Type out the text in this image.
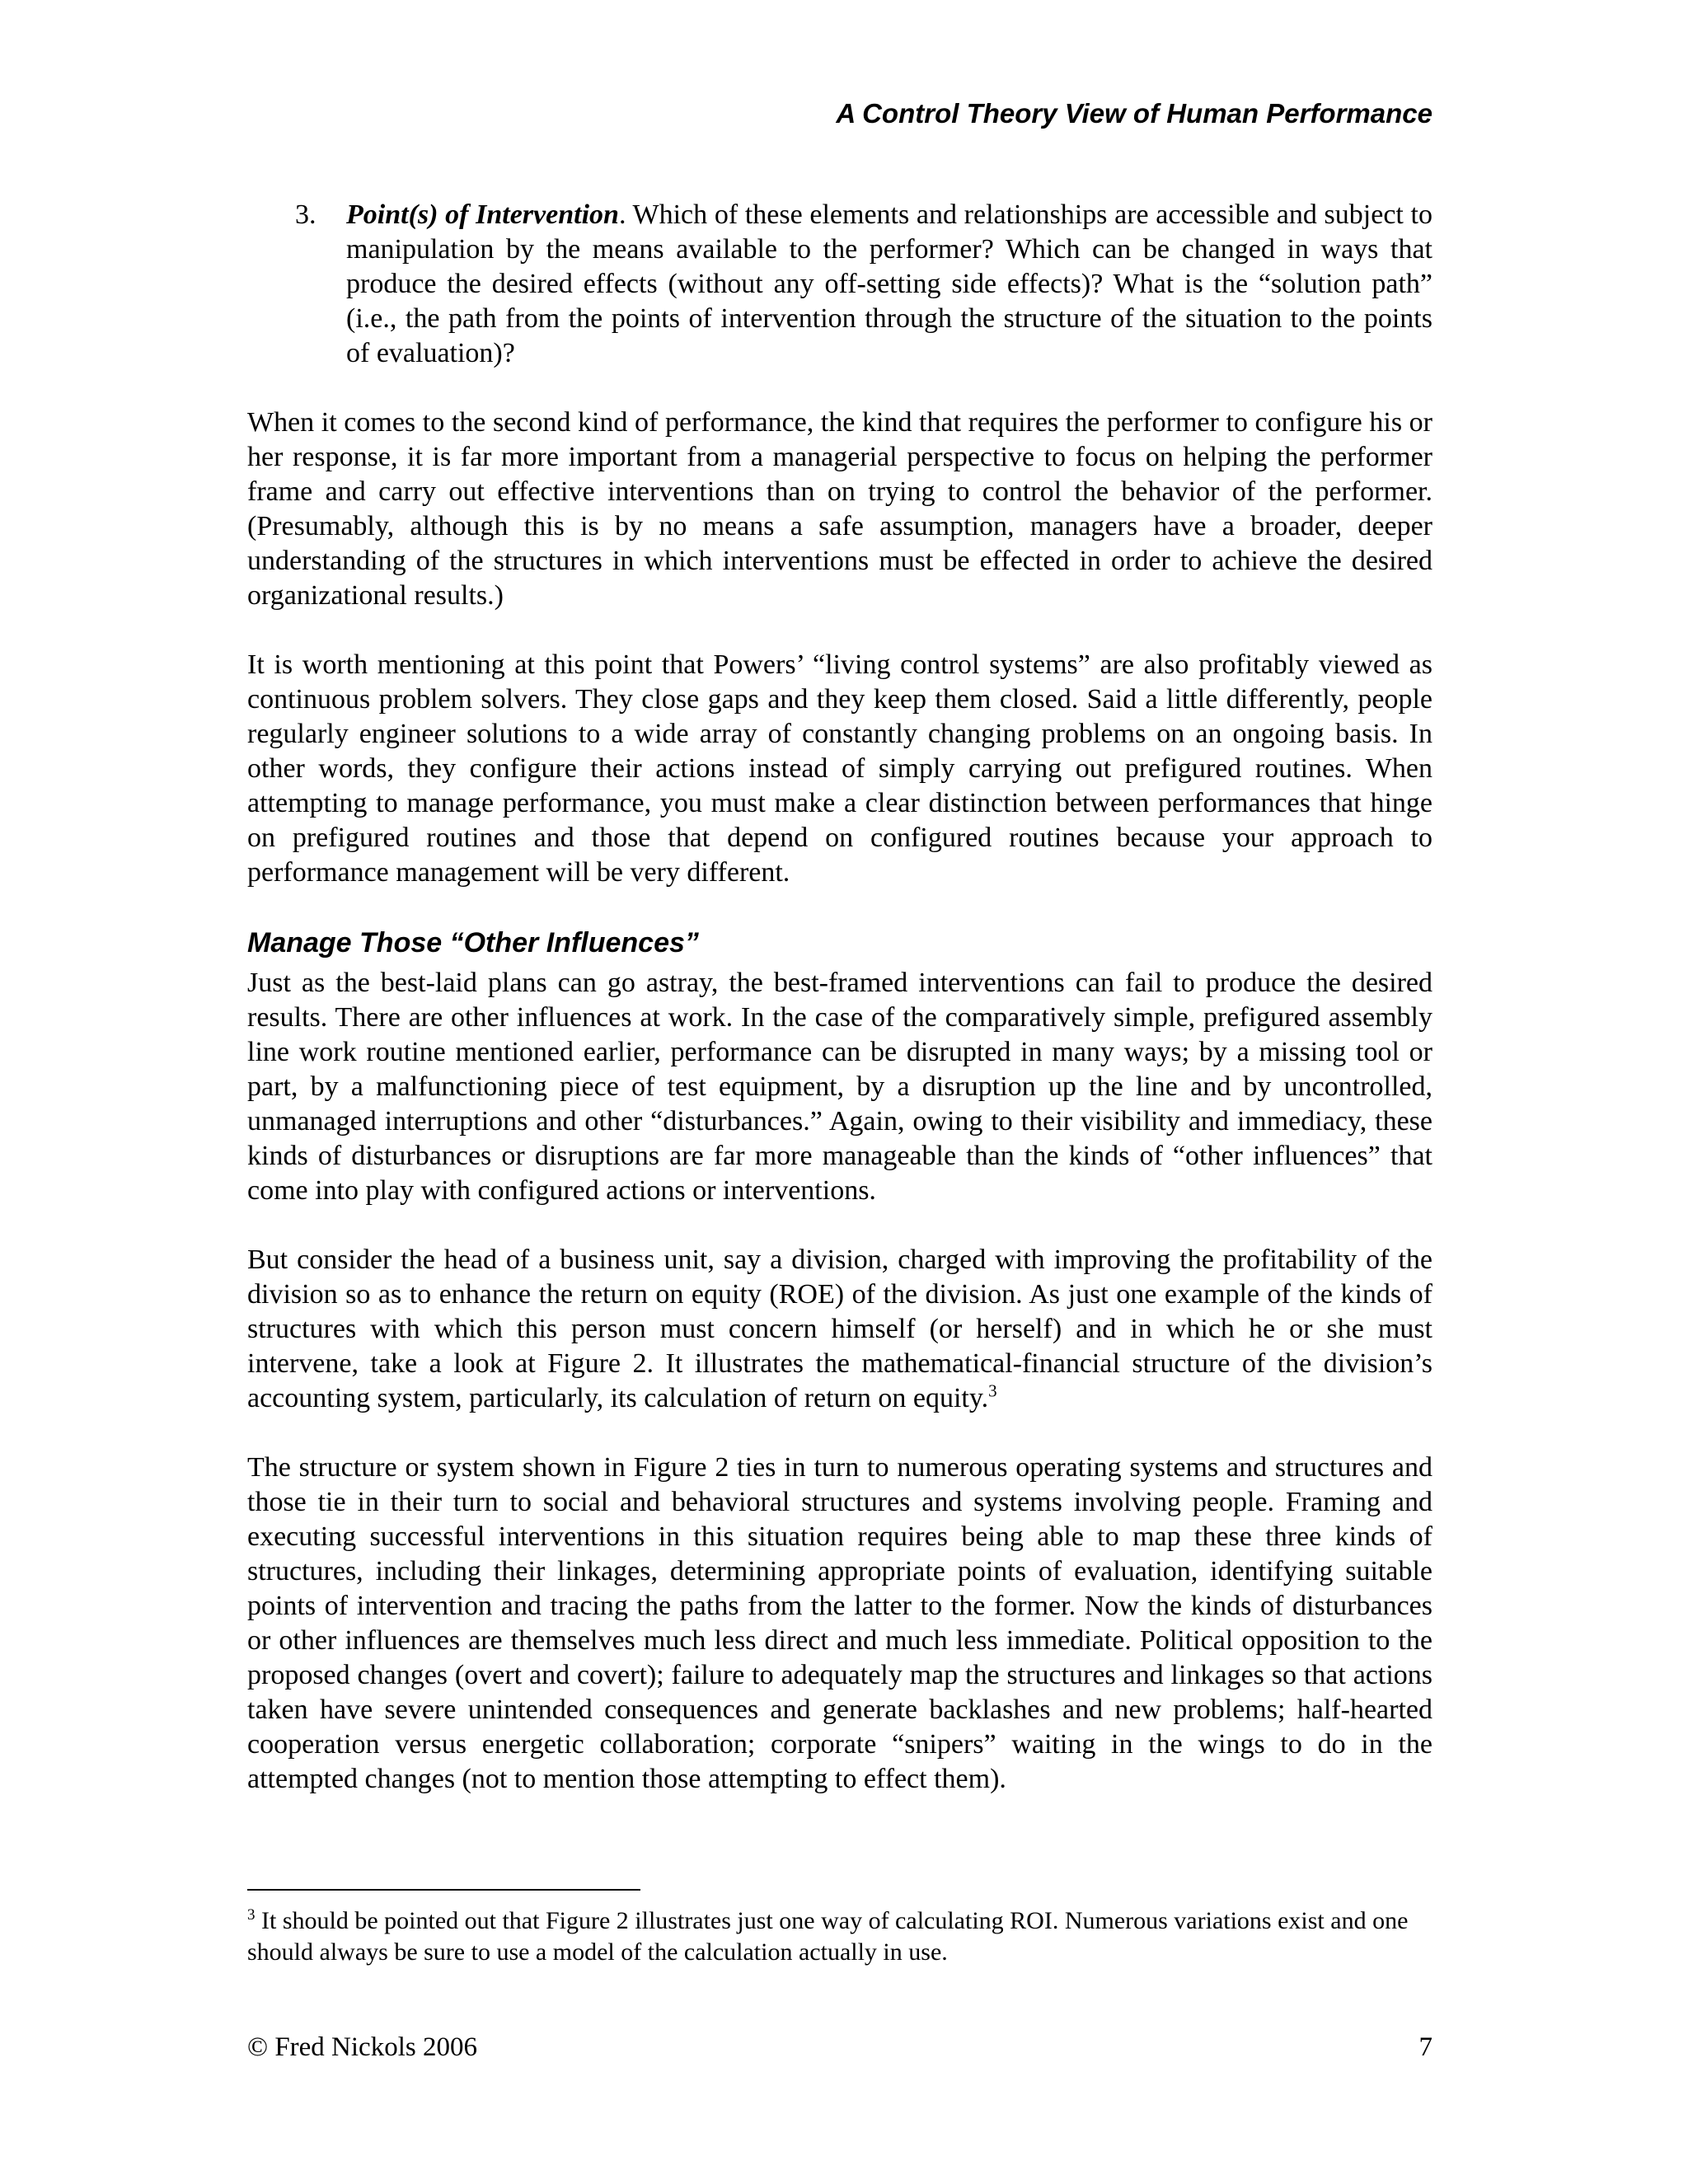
A Control Theory View of Human Performance

3. Point(s) of Intervention. Which of these elements and relationships are accessible and subject to manipulation by the means available to the performer? Which can be changed in ways that produce the desired effects (without any off-setting side effects)? What is the “solution path” (i.e., the path from the points of intervention through the structure of the situation to the points of evaluation)?

When it comes to the second kind of performance, the kind that requires the performer to configure his or her response, it is far more important from a managerial perspective to focus on helping the performer frame and carry out effective interventions than on trying to control the behavior of the performer. (Presumably, although this is by no means a safe assumption, managers have a broader, deeper understanding of the structures in which interventions must be effected in order to achieve the desired organizational results.)

It is worth mentioning at this point that Powers’ “living control systems” are also profitably viewed as continuous problem solvers. They close gaps and they keep them closed. Said a little differently, people regularly engineer solutions to a wide array of constantly changing problems on an ongoing basis. In other words, they configure their actions instead of simply carrying out prefigured routines. When attempting to manage performance, you must make a clear distinction between performances that hinge on prefigured routines and those that depend on configured routines because your approach to performance management will be very different.

Manage Those “Other Influences”

Just as the best-laid plans can go astray, the best-framed interventions can fail to produce the desired results. There are other influences at work. In the case of the comparatively simple, prefigured assembly line work routine mentioned earlier, performance can be disrupted in many ways; by a missing tool or part, by a malfunctioning piece of test equipment, by a disruption up the line and by uncontrolled, unmanaged interruptions and other “disturbances.” Again, owing to their visibility and immediacy, these kinds of disturbances or disruptions are far more manageable than the kinds of “other influences” that come into play with configured actions or interventions.

But consider the head of a business unit, say a division, charged with improving the profitability of the division so as to enhance the return on equity (ROE) of the division. As just one example of the kinds of structures with which this person must concern himself (or herself) and in which he or she must intervene, take a look at Figure 2. It illustrates the mathematical-financial structure of the division’s accounting system, particularly, its calculation of return on equity.$^3$

The structure or system shown in Figure 2 ties in turn to numerous operating systems and structures and those tie in their turn to social and behavioral structures and systems involving people. Framing and executing successful interventions in this situation requires being able to map these three kinds of structures, including their linkages, determining appropriate points of evaluation, identifying suitable points of intervention and tracing the paths from the latter to the former. Now the kinds of disturbances or other influences are themselves much less direct and much less immediate. Political opposition to the proposed changes (overt and covert); failure to adequately map the structures and linkages so that actions taken have severe unintended consequences and generate backlashes and new problems; half-hearted cooperation versus energetic collaboration; corporate “snipers” waiting in the wings to do in the attempted changes (not to mention those attempting to effect them).

$^3$ It should be pointed out that Figure 2 illustrates just one way of calculating ROI. Numerous variations exist and one should always be sure to use a model of the calculation actually in use.
© Fred Nickols 2006	7
